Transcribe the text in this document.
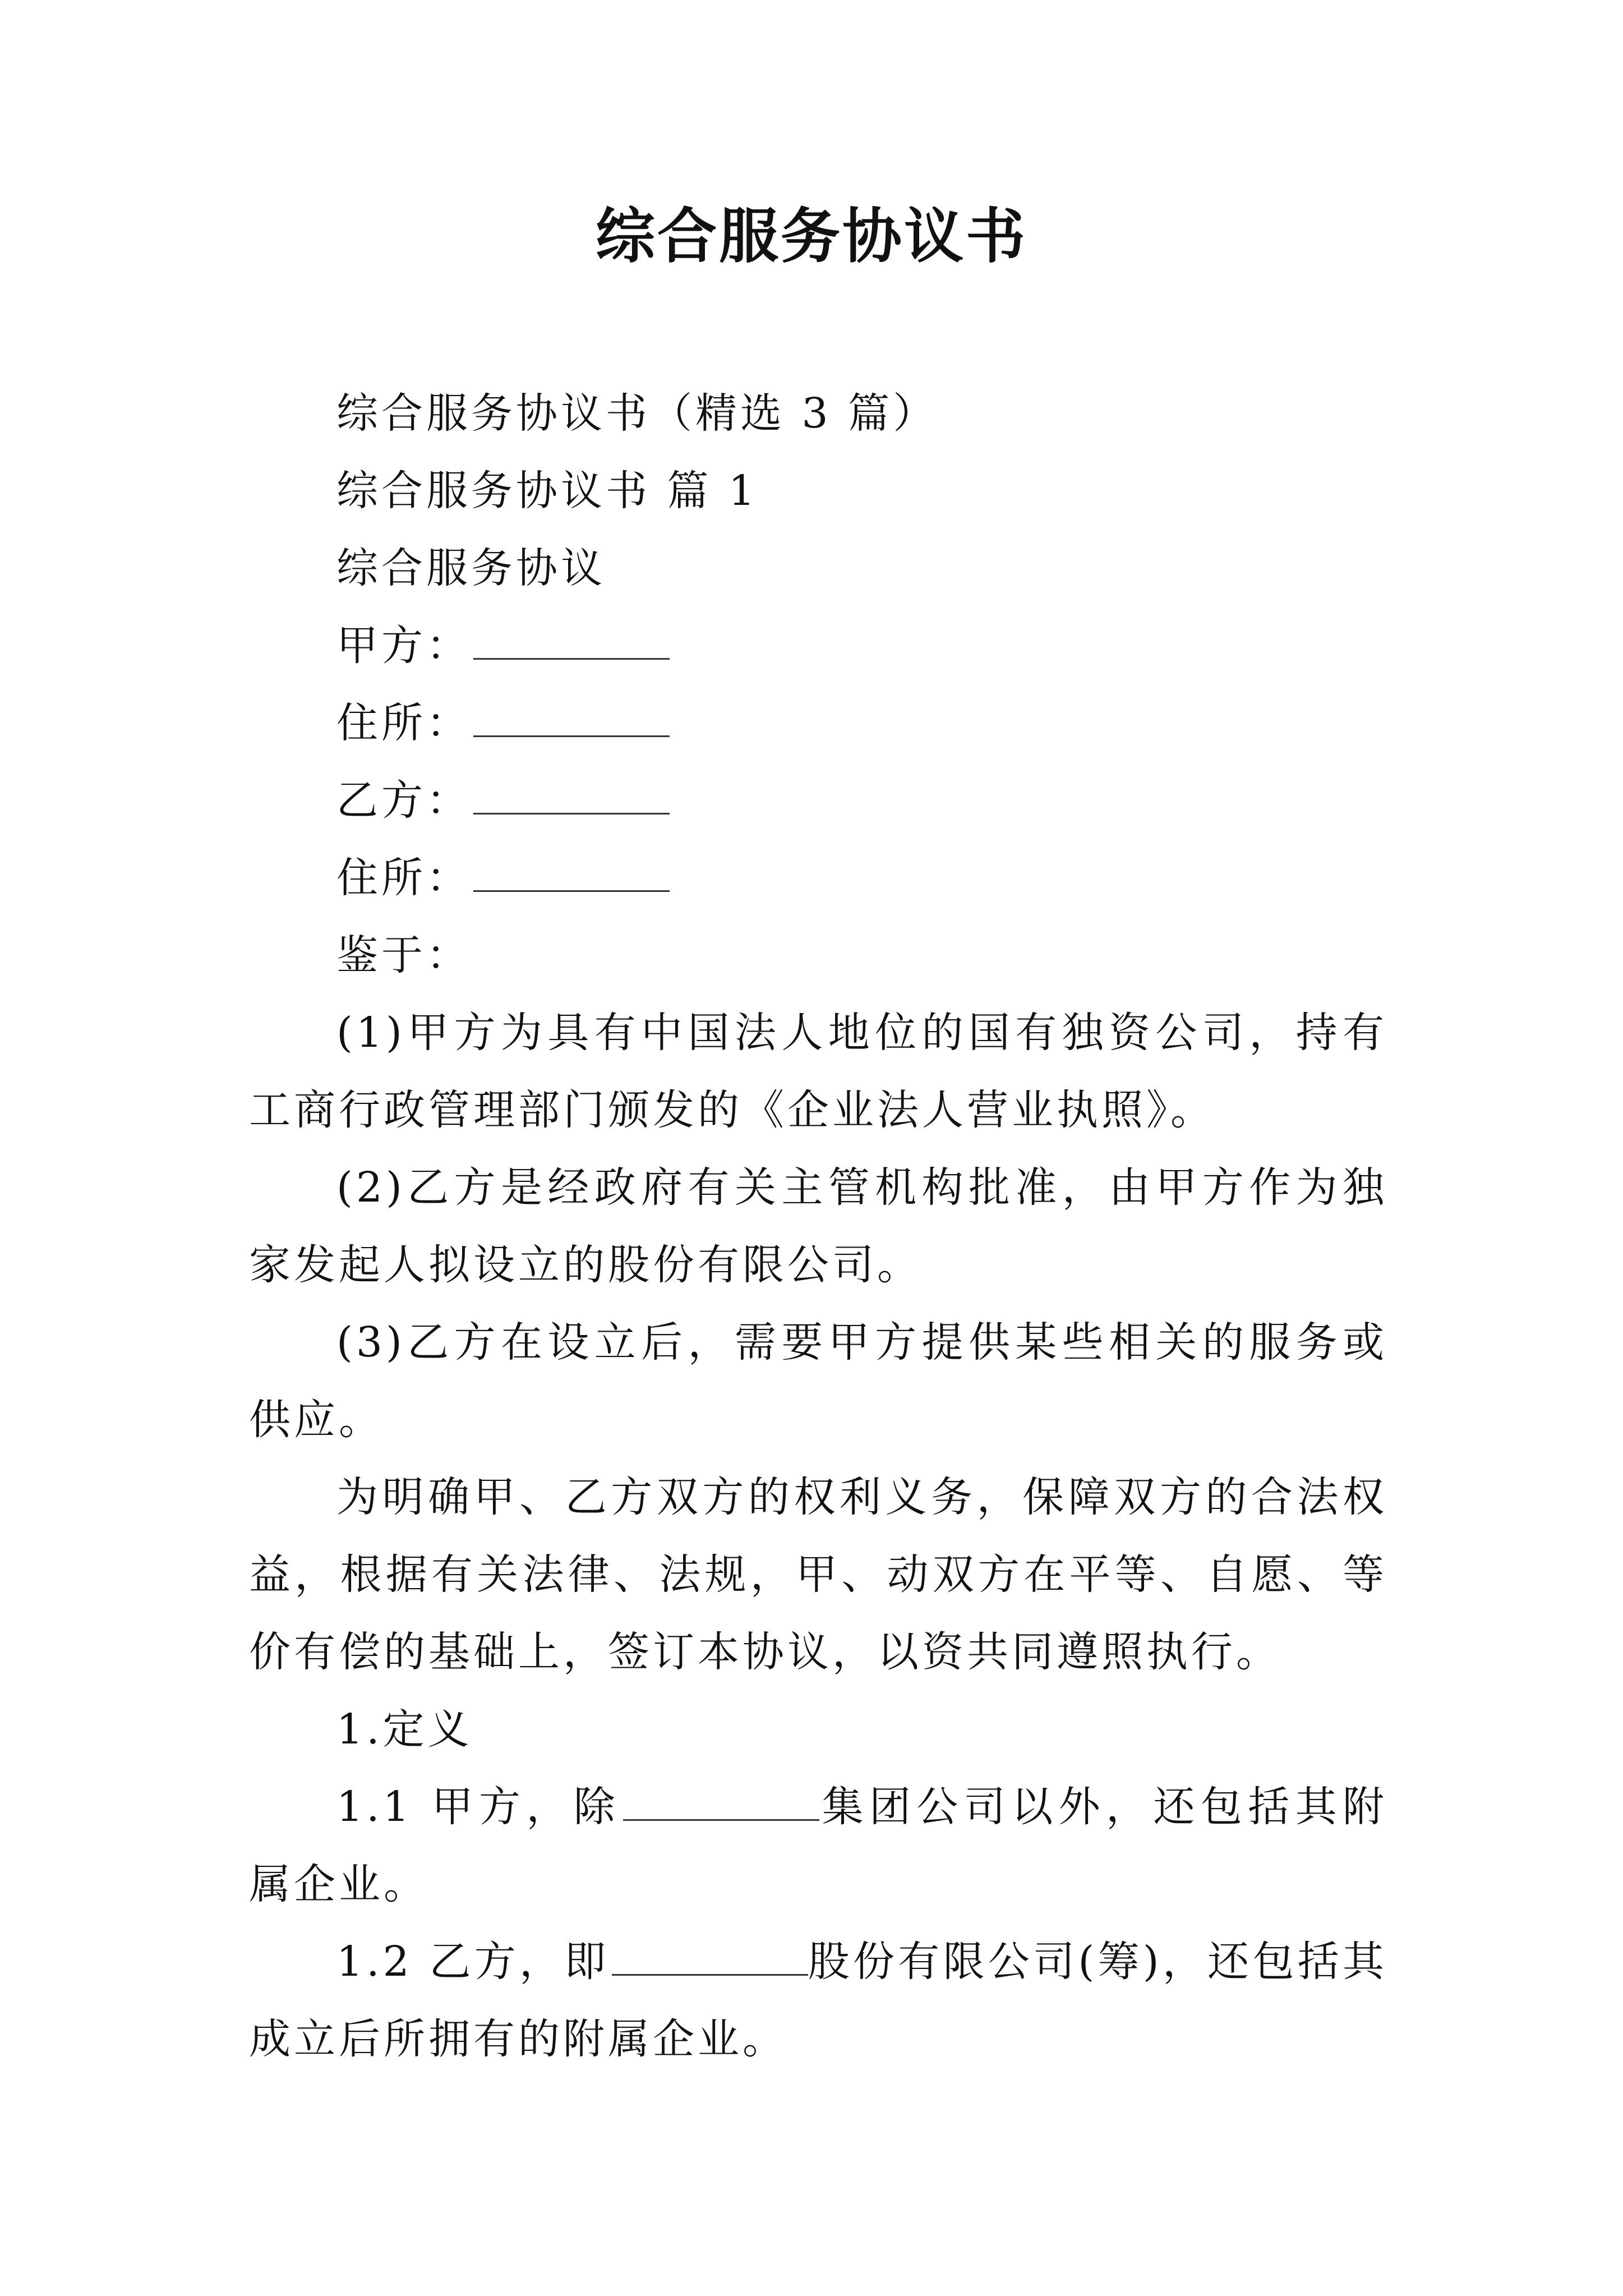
综合服务协议书
综合服务协议书（精选 3 篇）
综合服务协议书 篇 1
综合服务协议
甲方：
住所：
乙方：
住所：
鉴于：
(1)甲方为具有中国法人地位的国有独资公司，持有工商行政管理部门颁发的《企业法人营业执照》。
(2)乙方是经政府有关主管机构批准，由甲方作为独家发起人拟设立的股份有限公司。
(3)乙方在设立后，需要甲方提供某些相关的服务或供应。
为明确甲、乙方双方的权利义务，保障双方的合法权益，根据有关法律、法规，甲、动双方在平等、自愿、等价有偿的基础上，签订本协议，以资共同遵照执行。
1.定义
1.1 甲方，除	集团公司以外，还包括其附属企业。
1.2 乙方，即	股份有限公司(筹)，还包括其成立后所拥有的附属企业。
